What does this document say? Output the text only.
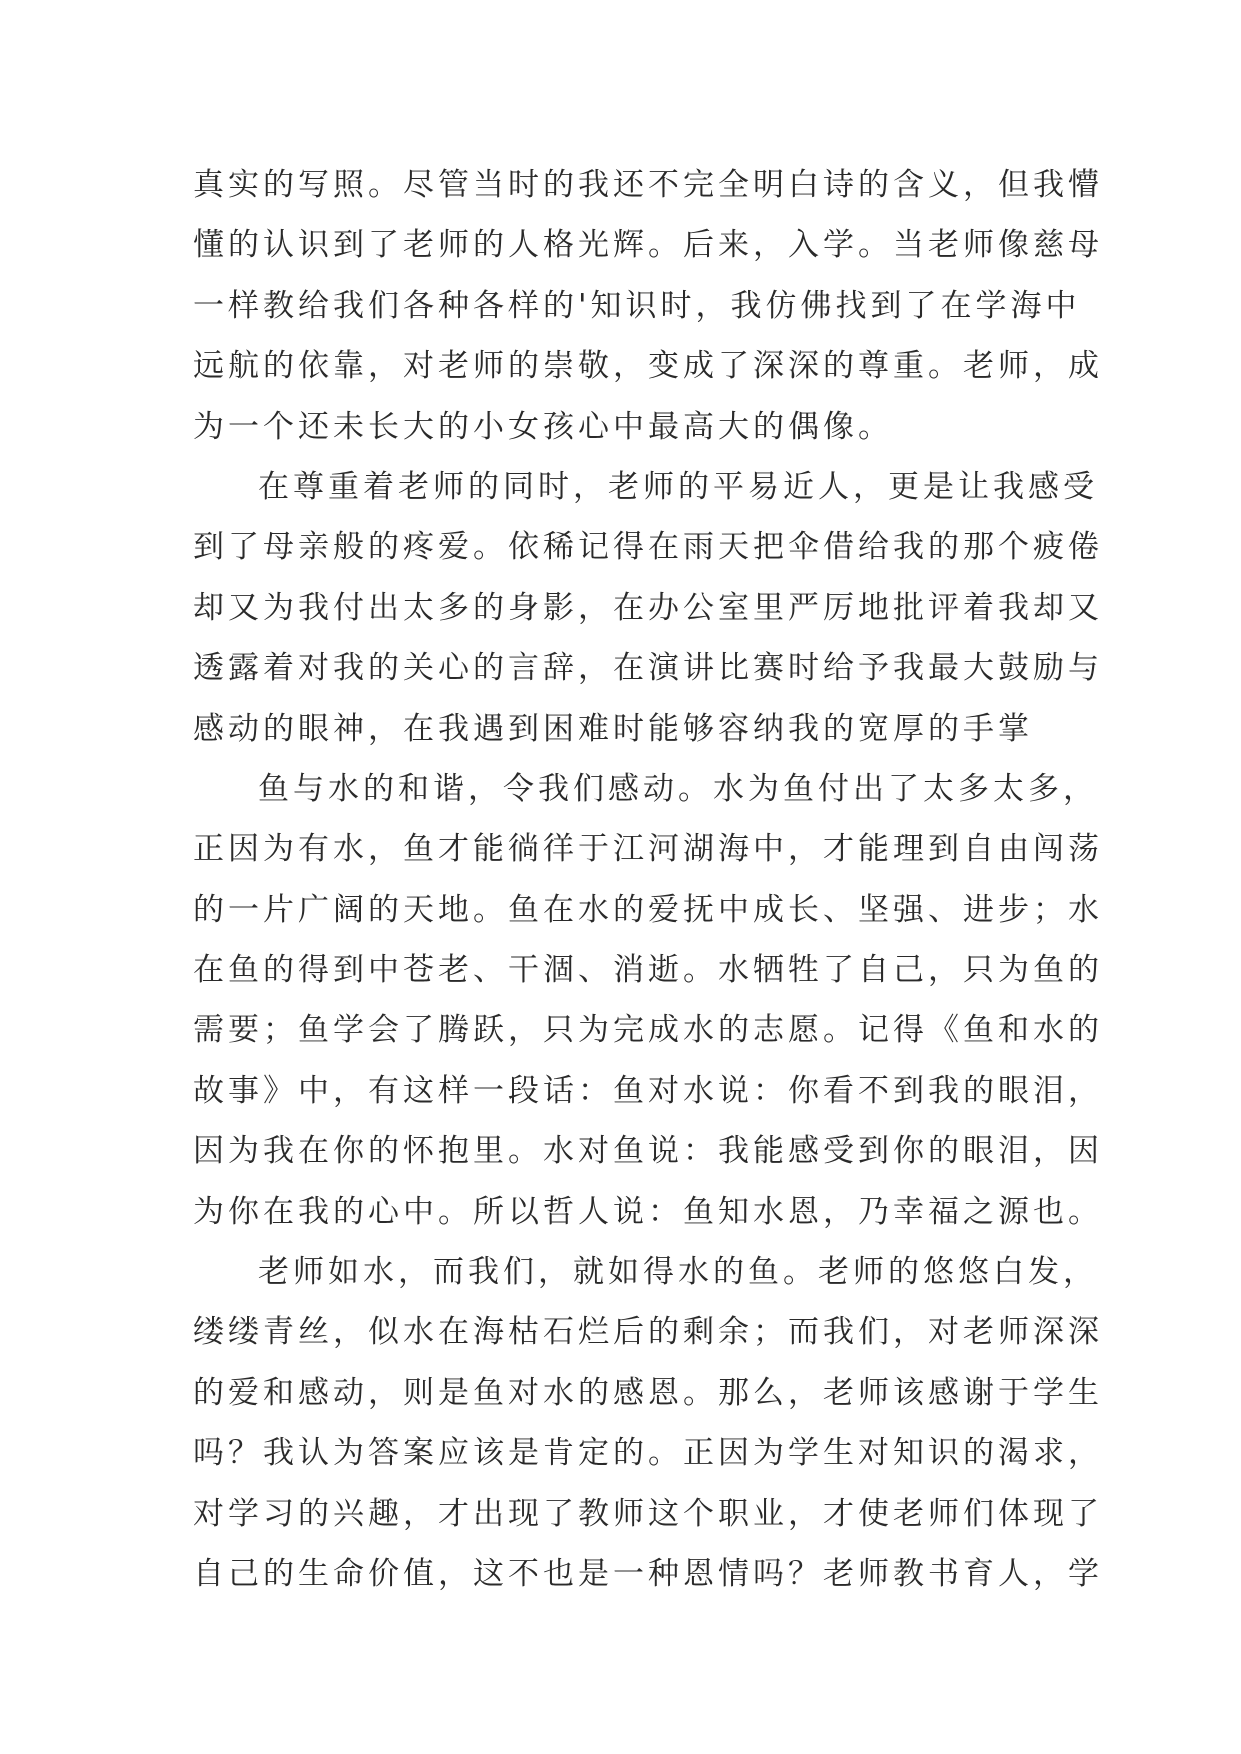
真实的写照。尽管当时的我还不完全明白诗的含义，但我懵
懂的认识到了老师的人格光辉。后来，入学。当老师像慈母
一样教给我们各种各样的'知识时，我仿佛找到了在学海中
远航的依靠，对老师的崇敬，变成了深深的尊重。老师，成
为一个还未长大的小女孩心中最高大的偶像。
在尊重着老师的同时，老师的平易近人，更是让我感受
到了母亲般的疼爱。依稀记得在雨天把伞借给我的那个疲倦
却又为我付出太多的身影，在办公室里严厉地批评着我却又
透露着对我的关心的言辞，在演讲比赛时给予我最大鼓励与
感动的眼神，在我遇到困难时能够容纳我的宽厚的手掌
鱼与水的和谐，令我们感动。水为鱼付出了太多太多，
正因为有水，鱼才能徜徉于江河湖海中，才能理到自由闯荡
的一片广阔的天地。鱼在水的爱抚中成长、坚强、进步；水
在鱼的得到中苍老、干涸、消逝。水牺牲了自己，只为鱼的
需要；鱼学会了腾跃，只为完成水的志愿。记得《鱼和水的
故事》中，有这样一段话：鱼对水说：你看不到我的眼泪，
因为我在你的怀抱里。水对鱼说：我能感受到你的眼泪，因
为你在我的心中。所以哲人说：鱼知水恩，乃幸福之源也。
老师如水，而我们，就如得水的鱼。老师的悠悠白发，
缕缕青丝，似水在海枯石烂后的剩余；而我们，对老师深深
的爱和感动，则是鱼对水的感恩。那么，老师该感谢于学生
吗？我认为答案应该是肯定的。正因为学生对知识的渴求，
对学习的兴趣，才出现了教师这个职业，才使老师们体现了
自己的生命价值，这不也是一种恩情吗？老师教书育人，学
